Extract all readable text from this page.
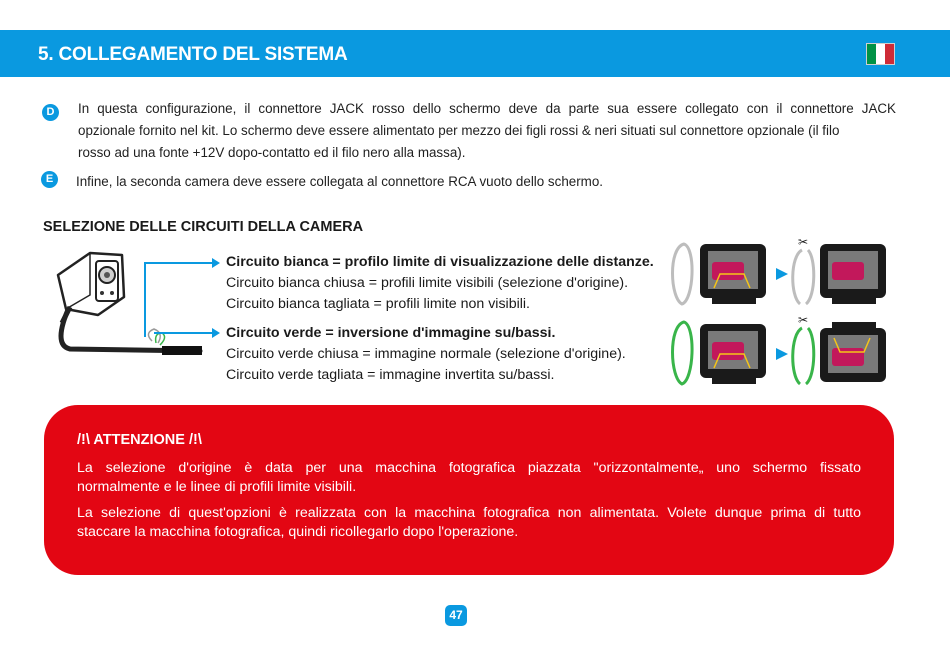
5. COLLEGAMENTO DEL SISTEMA
D	In questa configurazione, il connettore JACK rosso dello schermo deve da parte sua essere collegato con il connettore JACK
opzionale fornito nel kit. Lo schermo deve essere alimentato per mezzo dei figli rossi & neri situati sul connettore opzionale (il filo
rosso ad una fonte +12V dopo-contatto ed il filo nero alla massa).
E	Infine, la seconda camera deve essere collegata al connettore RCA vuoto dello schermo.
SELEZIONE DELLE CIRCUITI DELLA CAMERA
Circuito bianca = profilo limite di visualizzazione delle distanze.
Circuito bianca chiusa = profili limite visibili (selezione d'origine).
Circuito bianca tagliata = profili limite non visibili.
Circuito verde = inversione d'immagine su/bassi.
Circuito verde chiusa = immagine normale (selezione d'origine).
Circuito verde tagliata = immagine invertita su/bassi.
✂
✂
/!\ ATTENZIONE /!\
La selezione d'origine è data per una macchina fotografica piazzata "orizzontalmente„ uno schermo fissato
normalmente e le linee di profili limite visibili.
La selezione di quest'opzioni è realizzata con la macchina fotografica non alimentata. Volete dunque prima di tutto
staccare la macchina fotografica, quindi ricollegarlo dopo l'operazione.
47
